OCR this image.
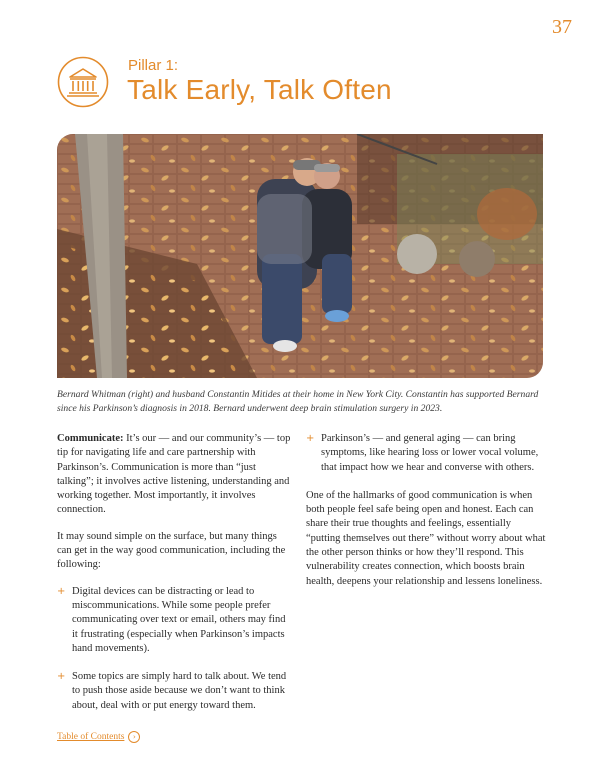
37
Pillar 1:
Talk Early, Talk Often

Bernard Whitman (right) and husband Constantin Mitides at their home in New York City. Constantin has supported Bernard since his Parkinson’s diagnosis in 2018. Bernard underwent deep brain stimulation surgery in 2023.

Communicate: It’s our — and our community’s — top tip for navigating life and care partnership with Parkinson’s. Communication is more than “just talking”; it involves active listening, understanding and working together. Most importantly, it involves connection.

It may sound simple on the surface, but many things can get in the way good communication, including the following:

+ Digital devices can be distracting or lead to miscommunications. While some people prefer communicating over text or email, others may find it frustrating (especially when Parkinson’s impacts hand movements).
+ Some topics are simply hard to talk about. We tend to push those aside because we don’t want to think about, deal with or put energy toward them.
+ Parkinson’s — and general aging — can bring symptoms, like hearing loss or lower vocal volume, that impact how we hear and converse with others.

One of the hallmarks of good communication is when both people feel safe being open and honest. Each can share their true thoughts and feelings, essentially “putting themselves out there” without worry about what the other person thinks or how they’ll respond. This vulnerability creates connection, which boosts brain health, deepens your relationship and lessens loneliness.

Table of Contents	›
